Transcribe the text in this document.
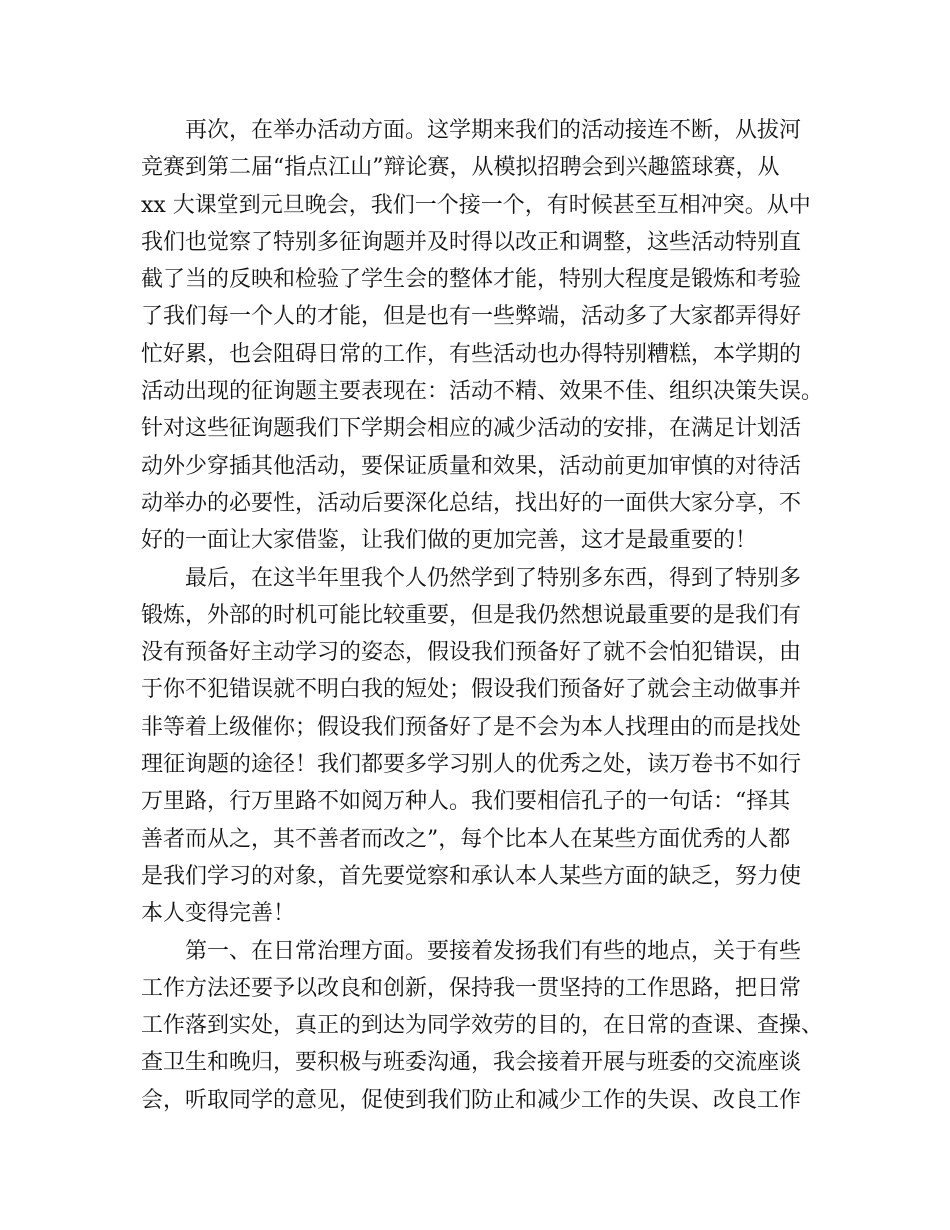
　　再次，在举办活动方面。这学期来我们的活动接连不断，从拔河
竞赛到第二届“指点江山”辩论赛，从模拟招聘会到兴趣篮球赛，从
xx 大课堂到元旦晚会，我们一个接一个，有时候甚至互相冲突。从中
我们也觉察了特别多征询题并及时得以改正和调整，这些活动特别直
截了当的反映和检验了学生会的整体才能，特别大程度是锻炼和考验
了我们每一个人的才能，但是也有一些弊端，活动多了大家都弄得好
忙好累，也会阻碍日常的工作，有些活动也办得特别糟糕，本学期的
活动出现的征询题主要表现在：活动不精、效果不佳、组织决策失误。
针对这些征询题我们下学期会相应的减少活动的安排，在满足计划活
动外少穿插其他活动，要保证质量和效果，活动前更加审慎的对待活
动举办的必要性，活动后要深化总结，找出好的一面供大家分享，不
好的一面让大家借鉴，让我们做的更加完善，这才是最重要的！
　　最后，在这半年里我个人仍然学到了特别多东西，得到了特别多
锻炼，外部的时机可能比较重要，但是我仍然想说最重要的是我们有
没有预备好主动学习的姿态，假设我们预备好了就不会怕犯错误，由
于你不犯错误就不明白我的短处；假设我们预备好了就会主动做事并
非等着上级催你；假设我们预备好了是不会为本人找理由的而是找处
理征询题的途径！我们都要多学习别人的优秀之处，读万卷书不如行
万里路，行万里路不如阅万种人。我们要相信孔子的一句话：“择其
善者而从之，其不善者而改之”，每个比本人在某些方面优秀的人都
是我们学习的对象，首先要觉察和承认本人某些方面的缺乏，努力使
本人变得完善！
　　第一、在日常治理方面。要接着发扬我们有些的地点，关于有些
工作方法还要予以改良和创新，保持我一贯坚持的工作思路，把日常
工作落到实处，真正的到达为同学效劳的目的，在日常的查课、查操、
查卫生和晚归，要积极与班委沟通，我会接着开展与班委的交流座谈
会，听取同学的意见，促使到我们防止和减少工作的失误、改良工作
